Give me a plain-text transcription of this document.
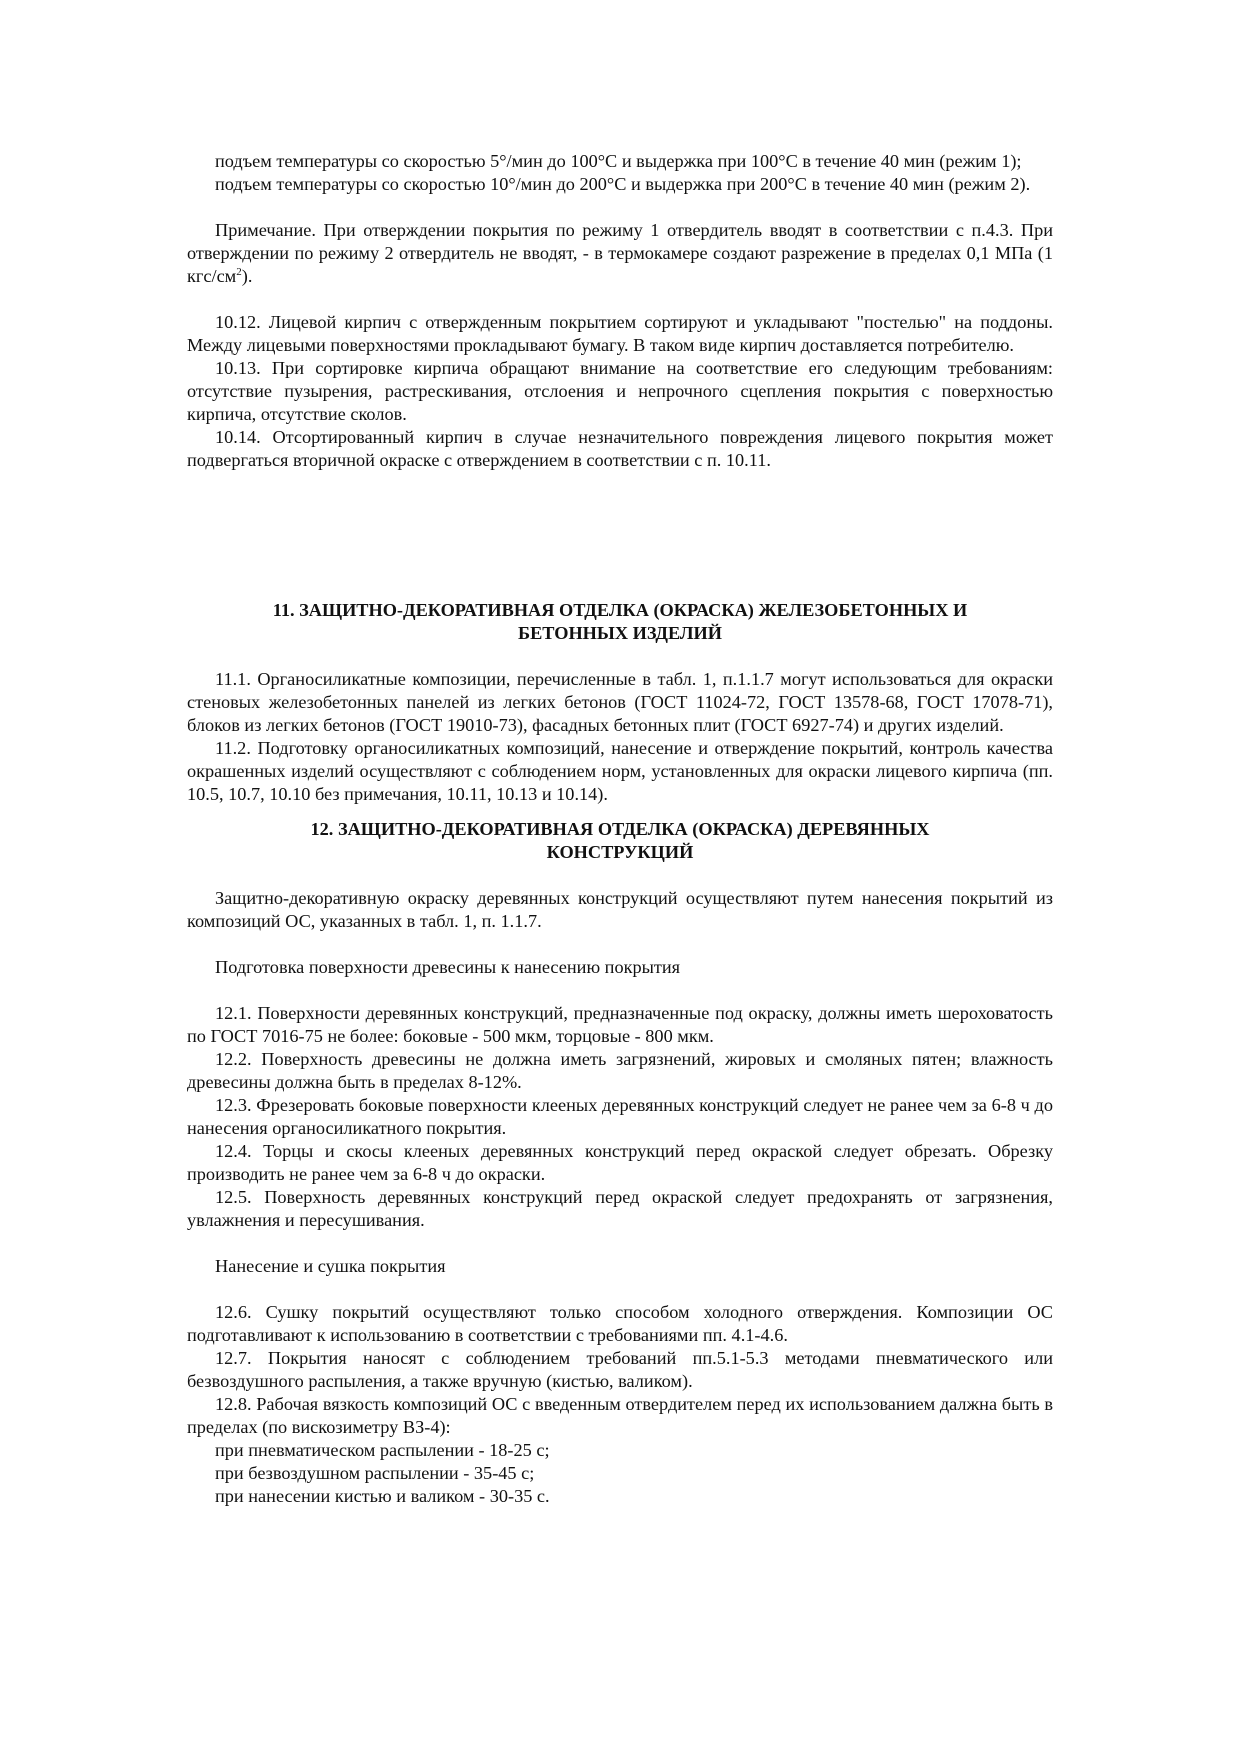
подъем температуры со скоростью 5°/мин до 100°С и выдержка при 100°С в течение 40 мин (режим 1);

подъем температуры со скоростью 10°/мин до 200°С и выдержка при 200°С в течение 40 мин (режим 2).

Примечание. При отверждении покрытия по режиму 1 отвердитель вводят в соответствии с п.4.3. При отверждении по режиму 2 отвердитель не вводят, - в термокамере создают разрежение в пределах 0,1 МПа (1 кгс/$см^2$).

10.12. Лицевой кирпич с отвержденным покрытием сортируют и укладывают "постелью" на поддоны. Между лицевыми поверхностями прокладывают бумагу. В таком виде кирпич доставляется потребителю.

10.13. При сортировке кирпича обращают внимание на соответствие его следующим требованиям: отсутствие пузырения, растрескивания, отслоения и непрочного сцепления покрытия с поверхностью кирпича, отсутствие сколов.

10.14. Отсортированный кирпич в случае незначительного повреждения лицевого покрытия может подвергаться вторичной окраске с отверждением в соответствии с п. 10.11.

11. ЗАЩИТНО-ДЕКОРАТИВНАЯ ОТДЕЛКА (ОКРАСКА) ЖЕЛЕЗОБЕТОННЫХ И
БЕТОННЫХ ИЗДЕЛИЙ

11.1. Органосиликатные композиции, перечисленные в табл. 1, п.1.1.7 могут использоваться для окраски стеновых железобетонных панелей из легких бетонов (ГОСТ 11024-72, ГОСТ 13578-68, ГОСТ 17078-71), блоков из легких бетонов (ГОСТ 19010-73), фасадных бетонных плит (ГОСТ 6927-74) и других изделий.

11.2. Подготовку органосиликатных композиций, нанесение и отверждение покрытий, контроль качества окрашенных изделий осуществляют с соблюдением норм, установленных для окраски лицевого кирпича (пп. 10.5, 10.7, 10.10 без примечания, 10.11, 10.13 и 10.14).

12. ЗАЩИТНО-ДЕКОРАТИВНАЯ ОТДЕЛКА (ОКРАСКА) ДЕРЕВЯННЫХ
КОНСТРУКЦИЙ

Защитно-декоративную окраску деревянных конструкций осуществляют путем нанесения покрытий из композиций ОС, указанных в табл. 1, п. 1.1.7.

Подготовка поверхности древесины к нанесению покрытия

12.1. Поверхности деревянных конструкций, предназначенные под окраску, должны иметь шероховатость по ГОСТ 7016-75 не более: боковые - 500 мкм, торцовые - 800 мкм.

12.2. Поверхность древесины не должна иметь загрязнений, жировых и смоляных пятен; влажность древесины должна быть в пределах 8-12%.

12.3. Фрезеровать боковые поверхности клееных деревянных конструкций следует не ранее чем за 6-8 ч до нанесения органосиликатного покрытия.

12.4. Торцы и скосы клееных деревянных конструкций перед окраской следует обрезать. Обрезку производить не ранее чем за 6-8 ч до окраски.

12.5. Поверхность деревянных конструкций перед окраской следует предохранять от загрязнения, увлажнения и пересушивания.

Нанесение и сушка покрытия

12.6. Сушку покрытий осуществляют только способом холодного отверждения. Композиции ОС подготавливают к использованию в соответствии с требованиями пп. 4.1-4.6.

12.7. Покрытия наносят с соблюдением требований пп.5.1-5.3 методами пневматического или безвоздушного распыления, а также вручную (кистью, валиком).

12.8. Рабочая вязкость композиций ОС с введенным отвердителем перед их использованием далжна быть в пределах (по вискозиметру ВЗ-4):

при пневматическом распылении - 18-25 с;

при безвоздушном распылении - 35-45 с;

при нанесении кистью и валиком - 30-35 с.
